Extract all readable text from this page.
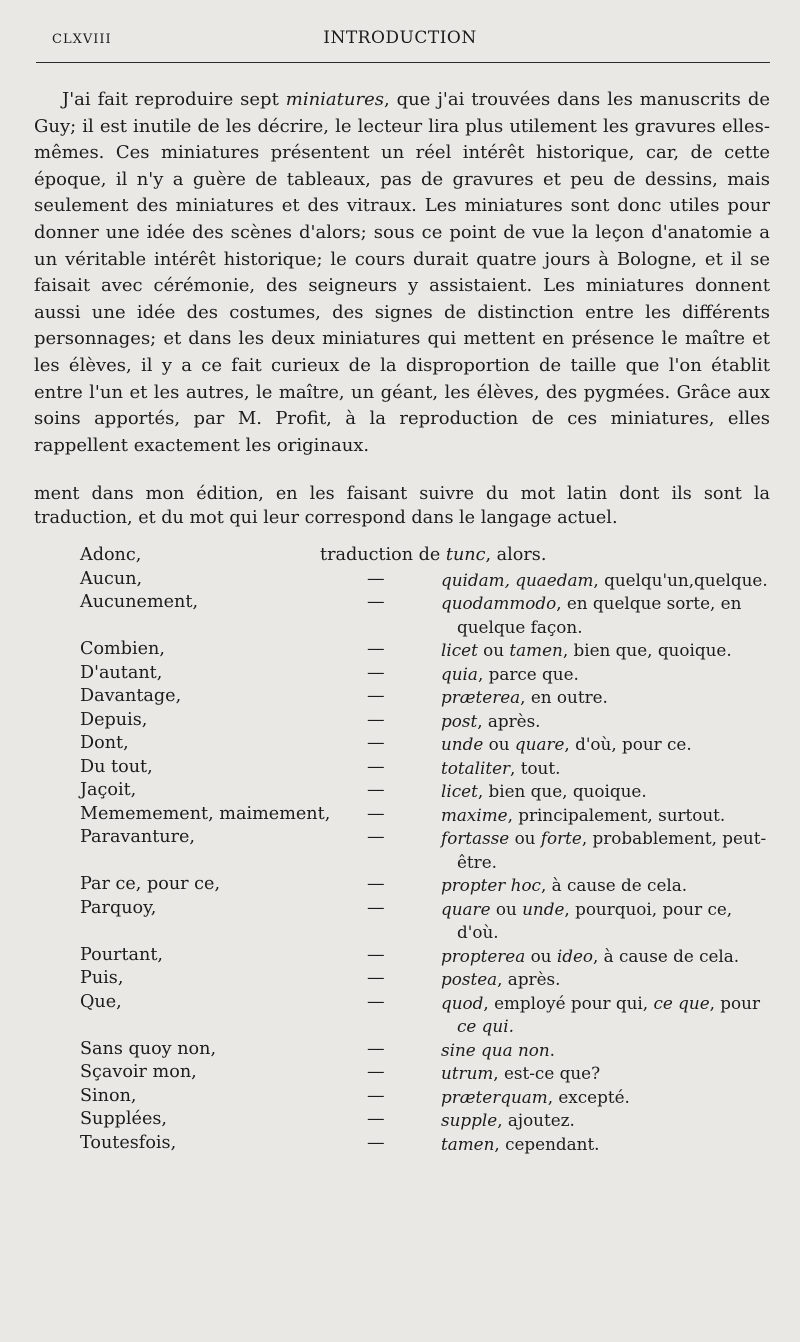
CLXVIII	INTRODUCTION

J'ai fait reproduire sept miniatures, que j'ai trouvées dans les manuscrits de Guy; il est inutile de les décrire, le lecteur lira plus utilement les gravures elles-mêmes. Ces miniatures présentent un réel intérêt historique, car, de cette époque, il n'y a guère de tableaux, pas de gravures et peu de dessins, mais seulement des miniatures et des vitraux. Les miniatures sont donc utiles pour donner une idée des scènes d'alors; sous ce point de vue la leçon d'anatomie a un véritable intérêt historique; le cours durait quatre jours à Bologne, et il se faisait avec cérémonie, des seigneurs y assistaient. Les miniatures donnent aussi une idée des costumes, des signes de distinction entre les différents personnages; et dans les deux miniatures qui mettent en présence le maître et les élèves, il y a ce fait curieux de la disproportion de taille que l'on établit entre l'un et les autres, le maître, un géant, les élèves, des pygmées. Grâce aux soins apportés, par M. Profit, à la reproduction de ces miniatures, elles rappellent exactement les originaux.

ment dans mon édition, en les faisant suivre du mot latin dont ils sont la traduction, et du mot qui leur correspond dans le langage actuel.

Adonc,	traduction de tunc, alors.
Aucun,	—	quidam, quaedam, quelqu'un,quelque.
Aucunement,	—	quodammodo, en quelque sorte, en
quelque façon.
Combien,	—	licet ou tamen, bien que, quoique.
D'autant,	—	quia, parce que.
Davantage,	—	præterea, en outre.
Depuis,	—	post, après.
Dont,	—	unde ou quare, d'où, pour ce.
Du tout,	—	totaliter, tout.
Jaçoit,	—	licet, bien que, quoique.
Mememement, maimement, —	maxime, principalement, surtout.
Paravanture,	—	fortasse ou forte, probablement, peut-
être.
Par ce, pour ce,	—	propter hoc, à cause de cela.
Parquoy,	—	quare ou unde, pourquoi, pour ce,
d'où.
Pourtant,	—	propterea ou ideo, à cause de cela.
Puis,	—	postea, après.
Que,	—	quod, employé pour qui, ce que, pour
ce qui.
Sans quoy non,	—	sine qua non.
Sçavoir mon,	—	utrum, est-ce que?
Sinon,	—	præterquam, excepté.
Supplées,	—	supple, ajoutez.
Toutesfois,	—	tamen, cependant.
